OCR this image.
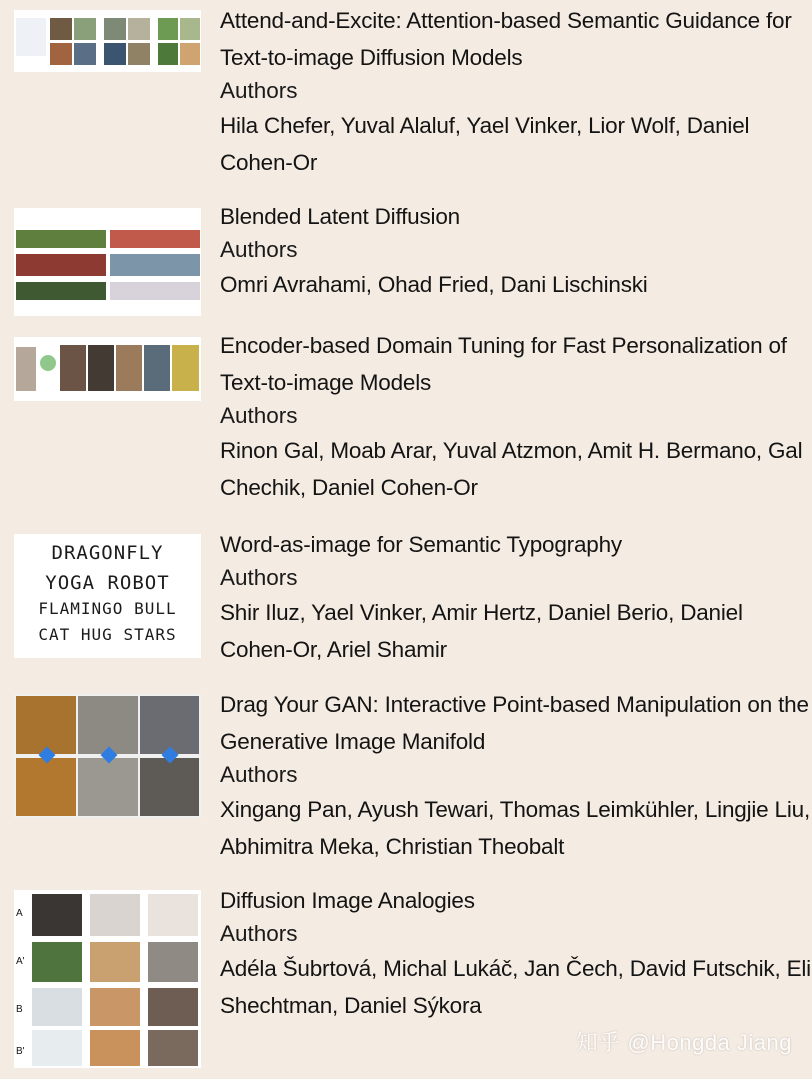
Attend-and-Excite: Attention-based Semantic Guidance for Text-to-image Diffusion Models
Authors
Hila Chefer, Yuval Alaluf, Yael Vinker, Lior Wolf, Daniel Cohen-Or
Blended Latent Diffusion
Authors
Omri Avrahami, Ohad Fried, Dani Lischinski
Encoder-based Domain Tuning for Fast Personalization of Text-to-image Models
Authors
Rinon Gal, Moab Arar, Yuval Atzmon, Amit H. Bermano, Gal Chechik, Daniel Cohen-Or
DRAGONFLY
YOGA ROBOT
FLAMINGO BULL
CAT HUG STARS
Word-as-image for Semantic Typography
Authors
Shir Iluz, Yael Vinker, Amir Hertz, Daniel Berio, Daniel Cohen-Or, Ariel Shamir
Drag Your GAN: Interactive Point-based Manipulation on the Generative Image Manifold
Authors
Xingang Pan, Ayush Tewari, Thomas Leimkühler, Lingjie Liu, Abhimitra Meka, Christian Theobalt
A
A'
B
B'
Diffusion Image Analogies
Authors
Adéla Šubrtová, Michal Lukáč, Jan Čech, David Futschik, Eli Shechtman, Daniel Sýkora
知乎 @Hongda Jiang
